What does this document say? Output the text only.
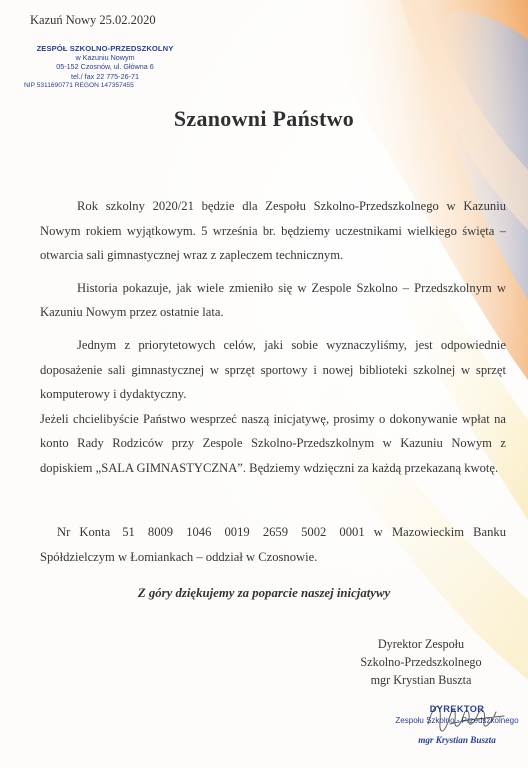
Kazuń Nowy 25.02.2020
ZESPÓŁ SZKOLNO-PRZEDSZKOLNY
w Kazuniu Nowym
05-152 Czosnów, ul. Główna 6
tel./ fax 22 775-26-71
NIP 5311690771 REGON 147357455
Szanowni Państwo

Rok szkolny 2020/21 będzie dla Zespołu Szkolno-Przedszkolnego w Kazuniu Nowym rokiem wyjątkowym. 5 września br. będziemy uczestnikami wielkiego święta – otwarcia sali gimnastycznej wraz z zapleczem technicznym.

Historia pokazuje, jak wiele zmieniło się w Zespole Szkolno – Przedszkolnym w Kazuniu Nowym przez ostatnie lata.

Jednym z priorytetowych celów, jaki sobie wyznaczyliśmy, jest odpowiednie doposażenie sali gimnastycznej w sprzęt sportowy i nowej biblioteki szkolnej w sprzęt komputerowy i dydaktyczny.

Jeżeli chcielibyście Państwo wesprzeć naszą inicjatywę, prosimy o dokonywanie wpłat na konto Rady Rodziców przy Zespole Szkolno-Przedszkolnym w Kazuniu Nowym z dopiskiem „SALA GIMNASTYCZNA”. Będziemy wdzięczni za każdą przekazaną kwotę.

Nr Konta 51 8009 1046 0019 2659 5002 0001 w Mazowieckim Banku Spółdzielczym w Łomiankach – oddział w Czosnowie.
Z góry dziękujemy za poparcie naszej inicjatywy
Dyrektor Zespołu
Szkolno-Przedszkolnego
mgr Krystian Buszta
DYREKTOR
Zespołu Szkolno - Przedszkolnego
mgr Krystian Buszta
